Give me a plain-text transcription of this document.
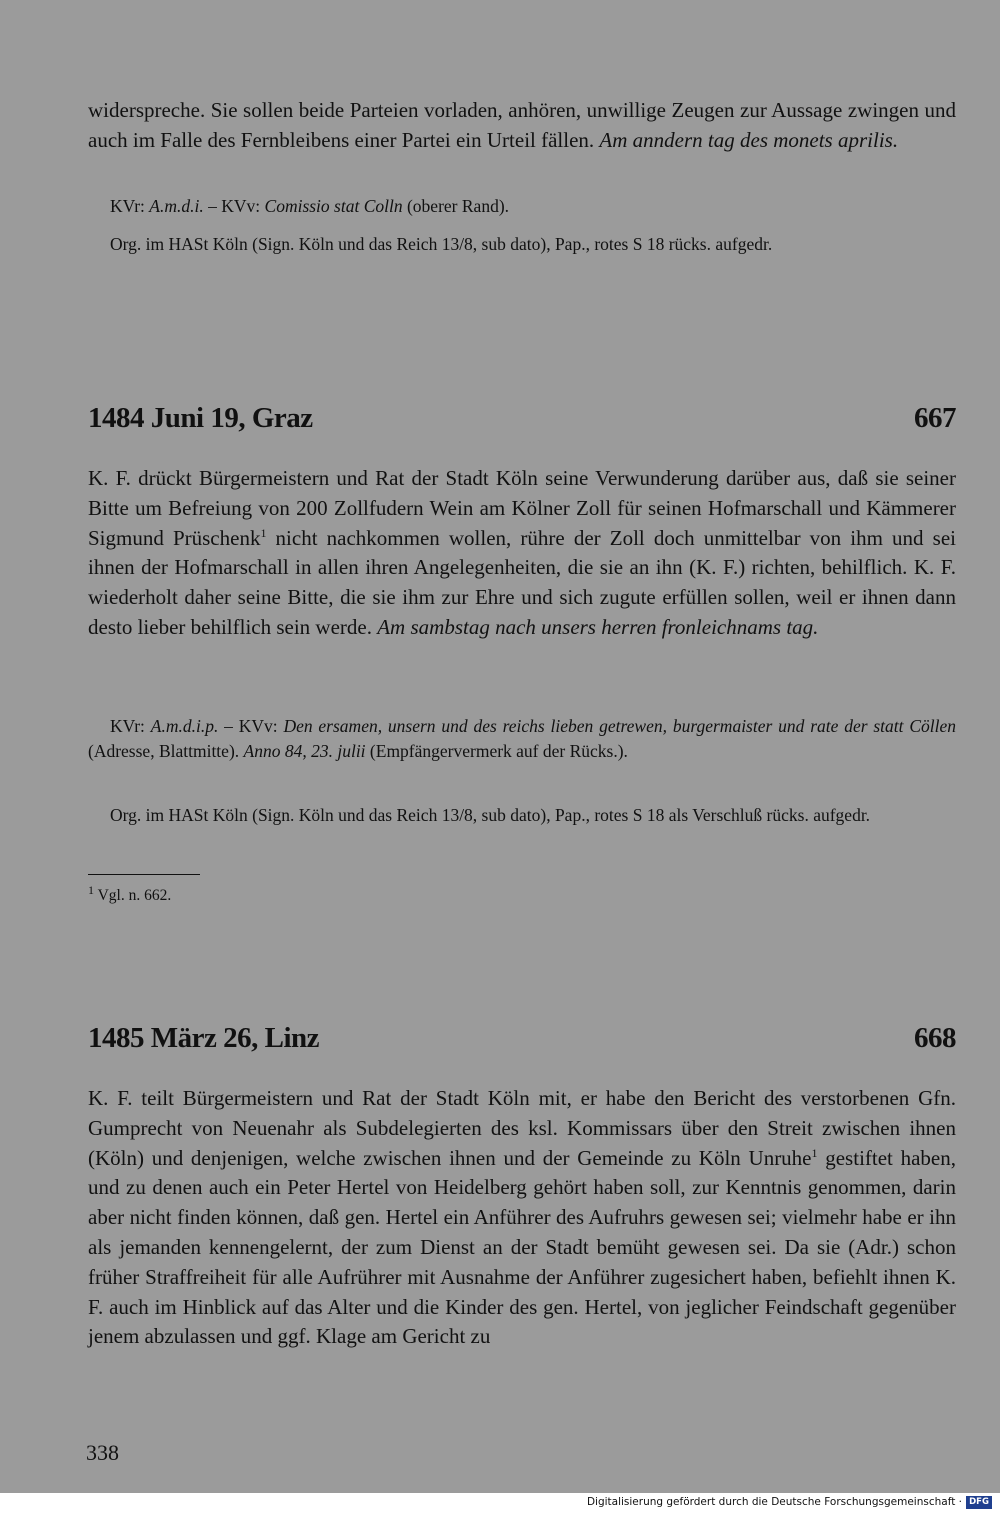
widerspreche. Sie sollen beide Parteien vorladen, anhören, unwillige Zeugen zur Aussage zwingen und auch im Falle des Fernbleibens einer Partei ein Urteil fällen. Am anndern tag des monets aprilis.
KVr: A.m.d.i. – KVv: Comissio stat Colln (oberer Rand).
Org. im HASt Köln (Sign. Köln und das Reich 13/8, sub dato), Pap., rotes S 18 rücks. aufgedr.
1484 Juni 19, Graz	667
K. F. drückt Bürgermeistern und Rat der Stadt Köln seine Verwunderung darüber aus, daß sie seiner Bitte um Befreiung von 200 Zollfudern Wein am Kölner Zoll für seinen Hofmarschall und Kämmerer Sigmund Prüschenk$^1$ nicht nachkommen wollen, rühre der Zoll doch unmittelbar von ihm und sei ihnen der Hofmarschall in allen ihren Angelegenheiten, die sie an ihn (K. F.) richten, behilflich. K. F. wiederholt daher seine Bitte, die sie ihm zur Ehre und sich zugute erfüllen sollen, weil er ihnen dann desto lieber behilflich sein werde. Am sambstag nach unsers herren fronleichnams tag.
KVr: A.m.d.i.p. – KVv: Den ersamen, unsern und des reichs lieben getrewen, burgermaister und rate der statt Cöllen (Adresse, Blattmitte). Anno 84, 23. julii (Empfängervermerk auf der Rücks.).
Org. im HASt Köln (Sign. Köln und das Reich 13/8, sub dato), Pap., rotes S 18 als Verschluß rücks. aufgedr.
$^1$ Vgl. n. 662.
1485 März 26, Linz	668
K. F. teilt Bürgermeistern und Rat der Stadt Köln mit, er habe den Bericht des verstorbenen Gfn. Gumprecht von Neuenahr als Subdelegierten des ksl. Kommissars über den Streit zwischen ihnen (Köln) und denjenigen, welche zwischen ihnen und der Gemeinde zu Köln Unruhe$^1$ gestiftet haben, und zu denen auch ein Peter Hertel von Heidelberg gehört haben soll, zur Kenntnis genommen, darin aber nicht finden können, daß gen. Hertel ein Anführer des Aufruhrs gewesen sei; vielmehr habe er ihn als jemanden kennengelernt, der zum Dienst an der Stadt bemüht gewesen sei. Da sie (Adr.) schon früher Straffreiheit für alle Aufrührer mit Ausnahme der Anführer zugesichert haben, befiehlt ihnen K. F. auch im Hinblick auf das Alter und die Kinder des gen. Hertel, von jeglicher Feindschaft gegenüber jenem abzulassen und ggf. Klage am Gericht zu
338
Digitalisierung gefördert durch die Deutsche Forschungsgemeinschaft · DFG
